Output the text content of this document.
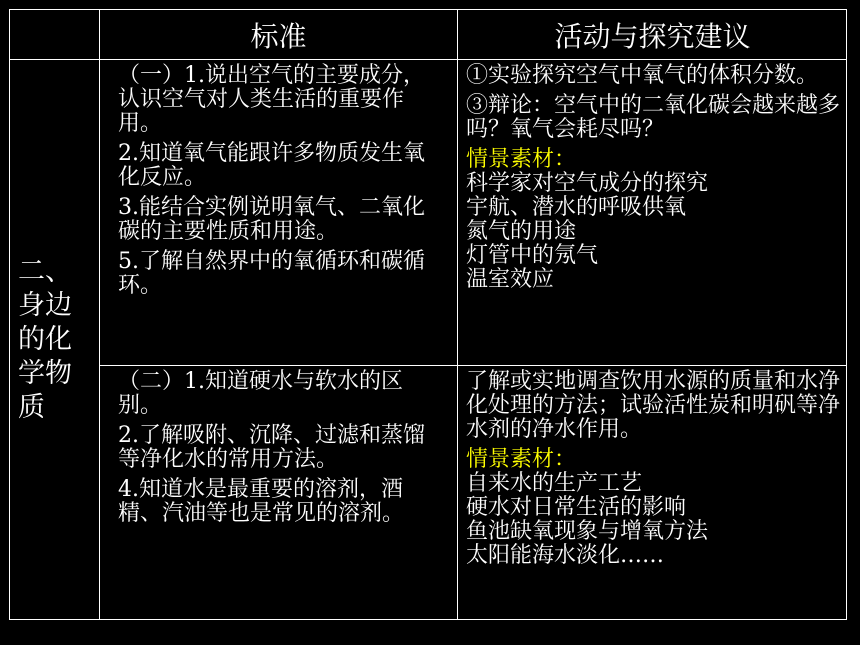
标准	活动与探究建议
二、
身边
的化
学物
质

（一）1.说出空气的主要成分，认识空气对人类生活的重要作用。

2.知道氧气能跟许多物质发生氧化反应。

3.能结合实例说明氧气、二氧化碳的主要性质和用途。

5.了解自然界中的氧循环和碳循环。

①实验探究空气中氧气的体积分数。

③辩论：空气中的二氧化碳会越来越多吗？氧气会耗尽吗？

情景素材：
科学家对空气成分的探究
宇航、潜水的呼吸供氧
氮气的用途
灯管中的氖气
温室效应

（二）1.知道硬水与软水的区别。

2.了解吸附、沉降、过滤和蒸馏等净化水的常用方法。

4.知道水是最重要的溶剂，酒精、汽油等也是常见的溶剂。

了解或实地调查饮用水源的质量和水净化处理的方法；试验活性炭和明矾等净水剂的净水作用。

情景素材：
自来水的生产工艺
硬水对日常生活的影响
鱼池缺氧现象与增氧方法
太阳能海水淡化……
